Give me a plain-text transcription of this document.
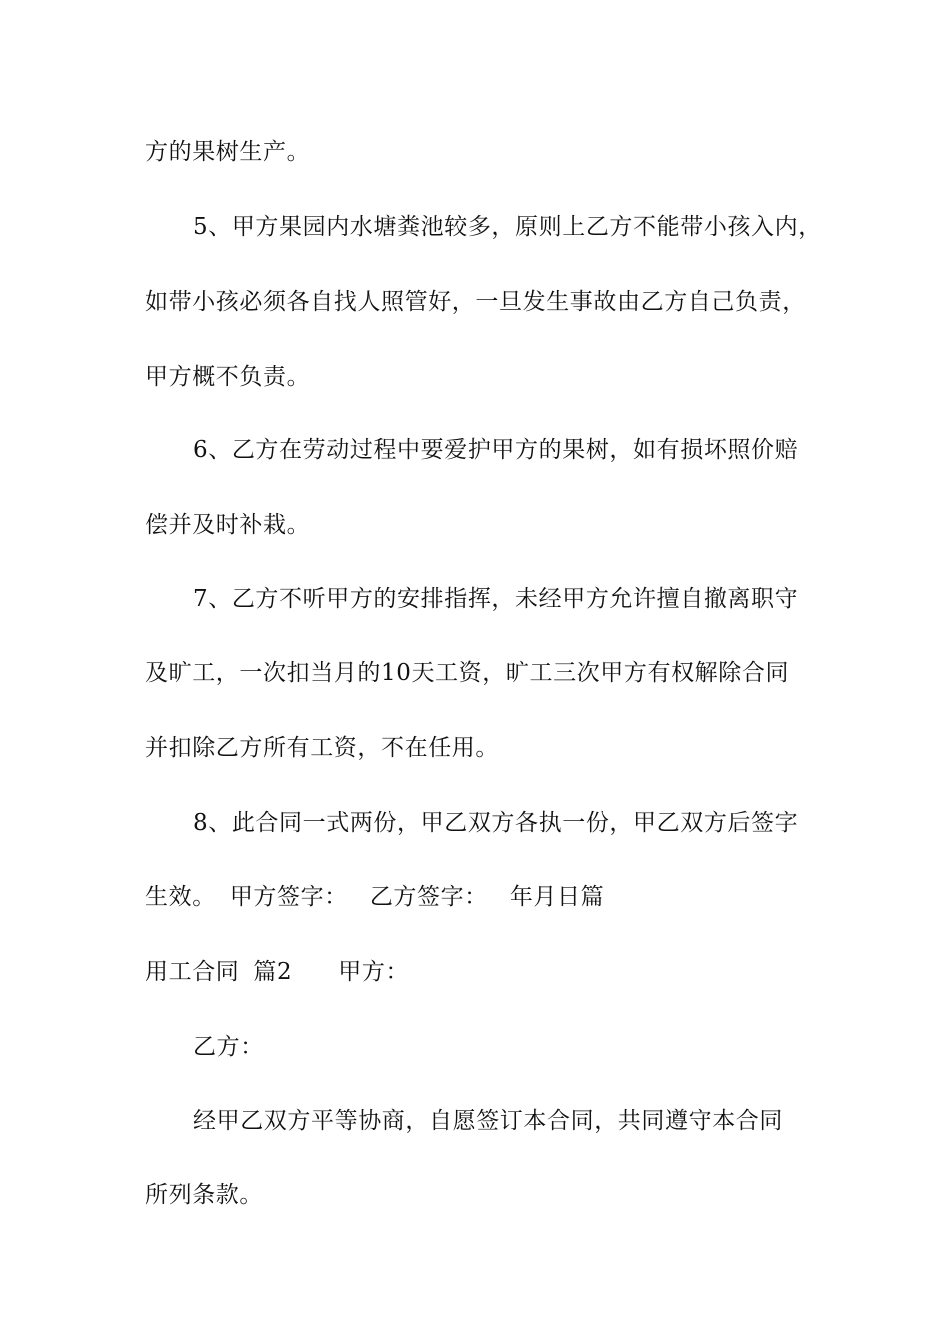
方的果树生产。
5、甲方果园内水塘粪池较多，原则上乙方不能带小孩入内，
如带小孩必须各自找人照管好，一旦发生事故由乙方自己负责，
甲方概不负责。
6、乙方在劳动过程中要爱护甲方的果树，如有损坏照价赔
偿并及时补栽。
7、乙方不听甲方的安排指挥，未经甲方允许擅自撤离职守
及旷工，一次扣当月的10天工资，旷工三次甲方有权解除合同
并扣除乙方所有工资，不在任用。
8、此合同一式两份，甲乙双方各执一份，甲乙双方后签字
生效。 甲方签字： 乙方签字： 年月日篇
用工合同 篇2 甲方：
乙方：
经甲乙双方平等协商，自愿签订本合同，共同遵守本合同
所列条款。
